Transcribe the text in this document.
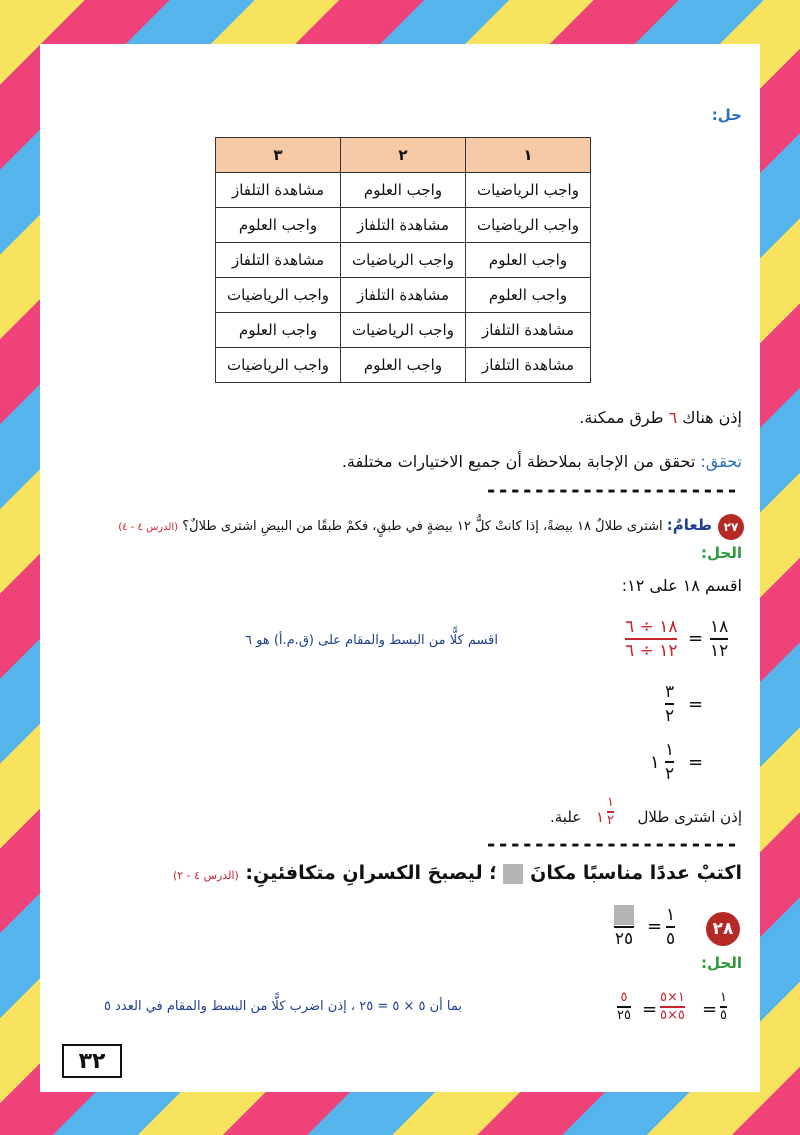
حل:
١	٢	٣
واجب الرياضيات	واجب العلوم	مشاهدة التلفاز
واجب الرياضيات	مشاهدة التلفاز	واجب العلوم
واجب العلوم	واجب الرياضيات	مشاهدة التلفاز
واجب العلوم	مشاهدة التلفاز	واجب الرياضيات
مشاهدة التلفاز	واجب الرياضيات	واجب العلوم
مشاهدة التلفاز	واجب العلوم	واجب الرياضيات
إذن هناك ٦ طرق ممكنة.
تحقق: تحقق من الإجابة بملاحظة أن جميع الاختيارات مختلفة.
---------------------
٢٧
طعامٌ: اشترى طلالٌ ١٨ بيضةً، إذا كانتْ كلُّ ١٢ بيضةٍ في طبقٍ، فكمْ طبقًا من البيضِ اشترى طلالٌ؟ (الدرس ٤ - ٤)
الحل:
اقسم ١٨ على ١٢:
١٨
١٢
=
١٨ ÷ ٦
١٢ ÷ ٦
اقسم كلًّا من البسط والمقام على (ق.م.أ) هو ٦
=
٣
٢
=
١
٢
١
إذن اشترى طلال
١
٢
١
علبة.
---------------------
اكتبْ عددًا مناسبًا مكانَ  ؛ ليصبحَ الكسرانِ متكافئينِ: (الدرس ٤ - ٢)
٢٨
١
٥
=
٢٥
الحل:
١
٥
=
١×٥
٥×٥
=
٥
٢٥
بما أن ٥ × ٥ = ٢٥ ، إذن اضرب كلًّا من البسط والمقام في العدد ٥
٣٢
